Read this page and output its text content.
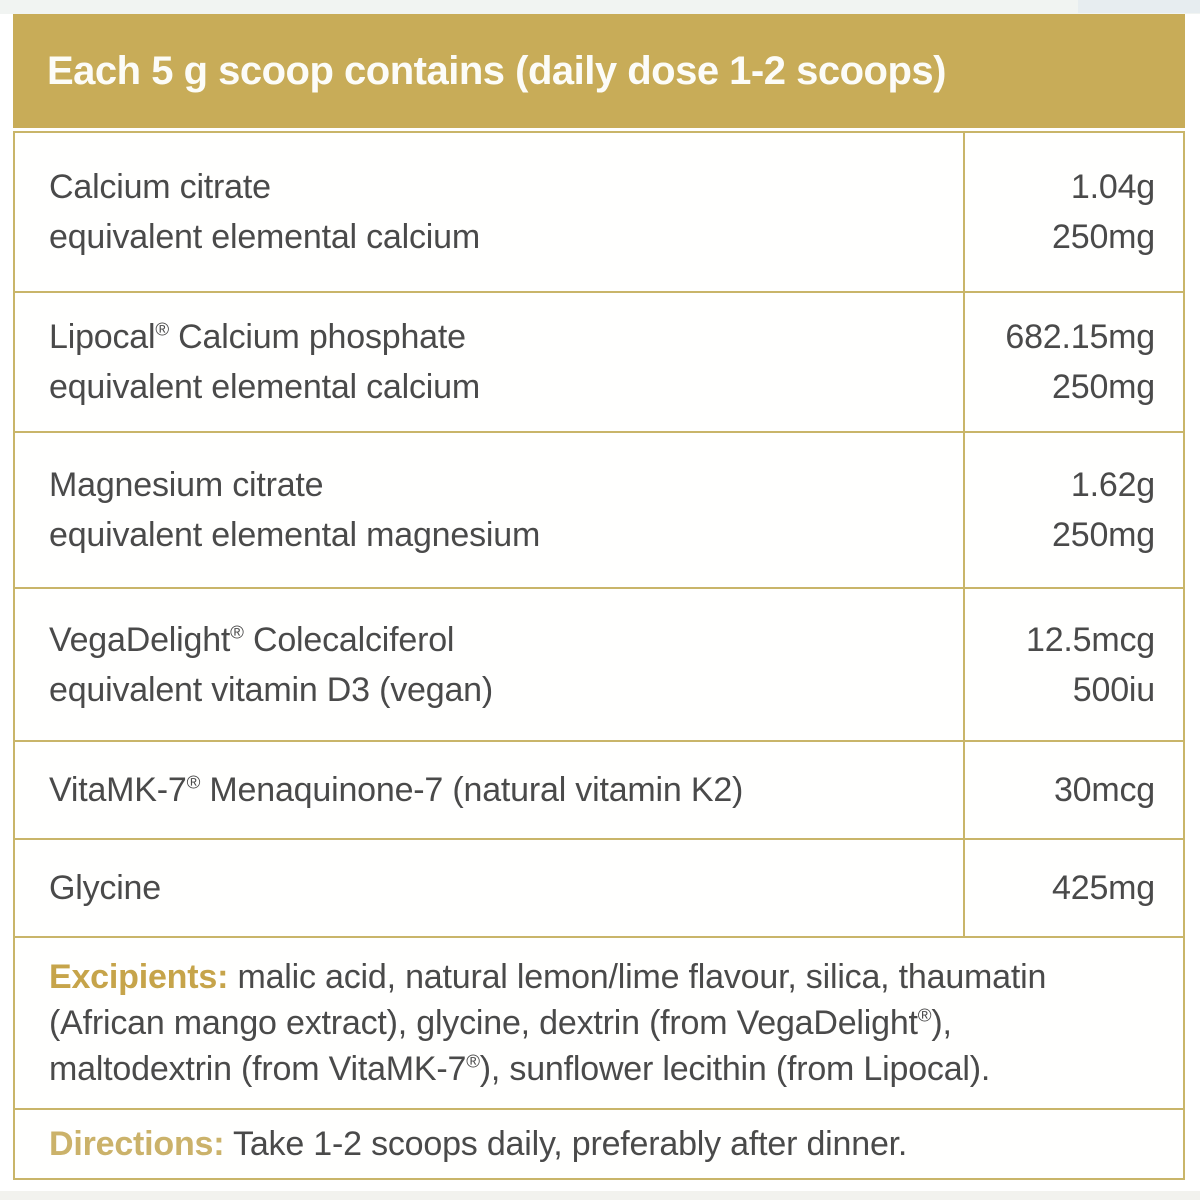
Each 5 g scoop contains (daily dose 1-2 scoops)
Calcium citrate
equivalent elemental calcium
1.04g
250mg
Lipocal® Calcium phosphate
equivalent elemental calcium
682.15mg
250mg
Magnesium citrate
equivalent elemental magnesium
1.62g
250mg
VegaDelight® Colecalciferol
equivalent vitamin D3 (vegan)
12.5mcg
500iu
VitaMK-7® Menaquinone-7 (natural vitamin K2)	30mcg
Glycine	425mg
Excipients: malic acid, natural lemon/lime flavour, silica, thaumatin (African mango extract), glycine, dextrin (from VegaDelight®), maltodextrin (from VitaMK-7®), sunflower lecithin (from Lipocal).
Directions: Take 1-2 scoops daily, preferably after dinner.
